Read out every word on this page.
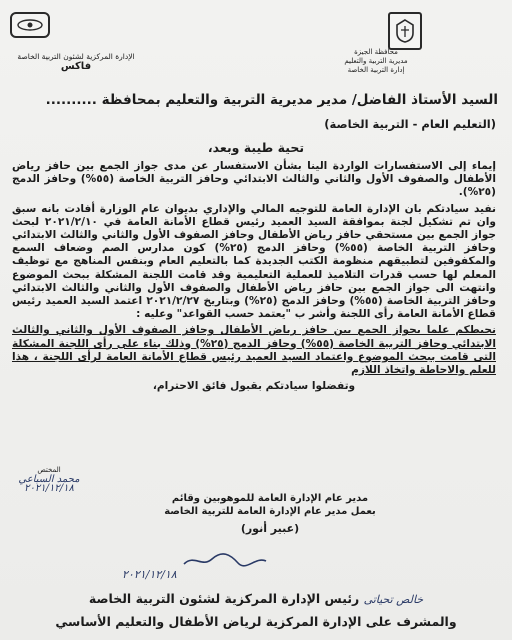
محافظة الجيزة
مديرية التربية والتعليم
إدارة التربية الخاصة
الإدارة المركزية لشئون التربية الخاصة
فاكس
السيد الأستاذ الفاضل/ مدير مديرية التربية والتعليم بمحافظة ..........
(التعليم العام - التربية الخاصة)
تحية طيبة وبعد،

إيماء إلى الاستفسارات الواردة الينا بشأن الاستفسار عن مدى جواز الجمع بين حافز رياض الأطفال والصفوف الأول والثاني والثالث الابتدائي وحافز التربية الخاصة (٥٥%) وحافز الدمج (٢٥%).

نفيد سيادتكم بان الإدارة العامة للتوجيه المالي والإداري بديوان عام الوزارة أفادت بانه سبق وان تم تشكيل لجنة بموافقة السيد العميد رئيس قطاع الأمانة العامة في ٢٠٢١/٢/١٠ لبحث جواز الجمع بين مستحقي حافز رياض الأطفال وحافز الصفوف الأول والثاني والثالث الابتدائي وحافز التربية الخاصة (٥٥%) وحافز الدمج (٢٥%) كون مدارس الصم وضعاف السمع والمكفوفين لتطبيقهم منظومة الكتب الجديدة كما بالتعليم العام وبنفس المناهج مع توظيف المعلم لها حسب قدرات التلاميذ للعملية التعليمية وقد قامت اللجنة المشكلة ببحث الموضوع وانتهت الى جواز الجمع بين حافز رياض الأطفال والصفوف الأول والثاني والثالث الابتدائي وحافز التربية الخاصة (٥٥%) وحافز الدمج (٢٥%) وبتاريخ ٢٠٢١/٢/٢٧ اعتمد السيد العميد رئيس قطاع الأمانة العامة رأى اللجنة وأشر ب "يعتمد حسب القواعد" وعليه :

نحيطكم علما بجواز الجمع بين حافز رياض الأطفال وحافز الصفوف الأول والثاني والثالث الابتدائي وحافز التربية الخاصة (٥٥%) وحافز الدمج (٢٥%) وذلك بناء على رأى اللجنة المشكلة التى قامت ببحث الموضوع واعتماد السيد العميد رئيس قطاع الأمانة العامة لرأى اللجنة ، هذا للعلم والاحاطة واتخاذ اللازم

وتفضلوا سيادتكم بقبول فائق الاحترام،

المختص
محمد السباعي
٢٠٢١/١٢/١٨
مدير عام الإدارة العامة للموهوبين وقائم
بعمل مدير عام الإدارة العامة للتربية الخاصة
(عبير أنور)
٢٠٢١/١٢/١٨
خالص تحياتى رئيس الإدارة المركزية لشئون التربية الخاصة
والمشرف على الإدارة المركزية لرياض الأطفال والتعليم الأساسي
